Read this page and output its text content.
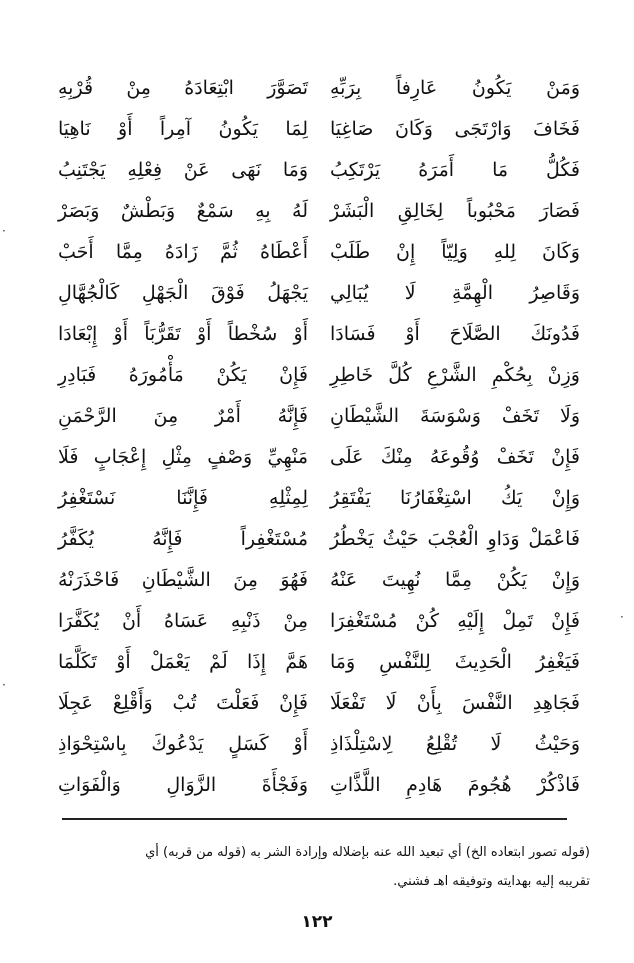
وَمَنْ يَكُونُ عَارِفاً بِرَبِّهِ
تَصَوَّرَ ابْتِعَادَهُ مِنْ قُرْبِهِ
فَخَافَ وَارْتَجَى وَكَانَ صَاغِيَا
لِمَا يَكُونُ آمِراً أَوْ نَاهِيَا
فَكُلُّ مَا أَمَرَهُ يَرْتَكِبُ
وَمَا نَهَى عَنْ فِعْلِهِ يَجْتَنِبُ
فَصَارَ مَحْبُوباً لِخَالِقِ الْبَشَرْ
لَهُ بِهِ سَمْعٌ وَبَطْشٌ وَبَصَرْ
وَكَانَ لِلهِ وَلِيّاً إِنْ طَلَبْ
أَعْطَاهُ ثُمَّ زَادَهُ مِمَّا أَحَبْ
وَقَاصِرُ الْهِمَّةِ لَا يُبَالِي
يَجْهَلُ فَوْقَ الْجَهْلِ كَالْجُهَّالِ
فَدُونَكَ الصَّلَاحَ أَوْ فَسَادَا
أَوْ سُخْطاً أَوْ تَقَرُّبَاً أَوْ إِبْعَادَا
وَزِنْ بِحُكْمِ الشَّرْعِ كُلَّ خَاطِرِ
فَإِنْ يَكُنْ مَأْمُورَهُ فَبَادِرِ
وَلَا تَخَفْ وَسْوَسَةَ الشَّيْطَانِ
فَإِنَّهُ أَمْرٌ مِنَ الرَّحْمَنِ
فَإِنْ تَخَفْ وُقُوعَهُ مِنْكَ عَلَى
مَنْهِيِّ وَصْفٍ مِثْلِ إِعْجَابٍ فَلَا
وَإِنْ يَكُ اسْتِغْفَارُنَا يَفْتَقِرُ
لِمِثْلِهِ فَإِنَّنَا نَسْتَغْفِرُ
فَاعْمَلْ وَدَاوِ الْعُجْبَ حَيْثُ يَخْطُرُ
مُسْتَغْفِراً فَإِنَّهُ يُكَفَّرُ
وَإِنْ يَكُنْ مِمَّا نُهِيتَ عَنْهُ
فَهُوَ مِنَ الشَّيْطَانِ فَاحْذَرَنْهُ
فَإِنْ تَمِلْ إِلَيْهِ كُنْ مُسْتَغْفِرَا
مِنْ ذَنْبِهِ عَسَاهُ أَنْ يُكَفَّرَا
فَيَغْفِرُ الْحَدِيثَ لِلنَّفْسِ وَمَا
هَمَّ إِذَا لَمْ يَعْمَلْ أَوْ تَكَلَّمَا
فَجَاهِدِ النَّفْسَ بِأَنْ لَا تَفْعَلَا
فَإِنْ فَعَلْتَ تُبْ وَأَقْلِعْ عَجِلَا
وَحَيْثُ لَا تُقْلِعُ لِاسْتِلْذَاذِ
أَوْ كَسَلٍ يَدْعُوكَ بِاسْتِحْوَاذِ
فَاذْكُرْ هُجُومَ هَادِمِ اللَّذَّاتِ
وَفَجْأَةَ الزَّوَالِ وَالْفَوَاتِ
(قوله تصور ابتعاده الخ) أي تبعيد الله عنه بإضلاله وإرادة الشر به (قوله من قربه) أي
تقريبه إليه بهدايته وتوفيقه اهـ فشني.
١٢٢
·
·
·
